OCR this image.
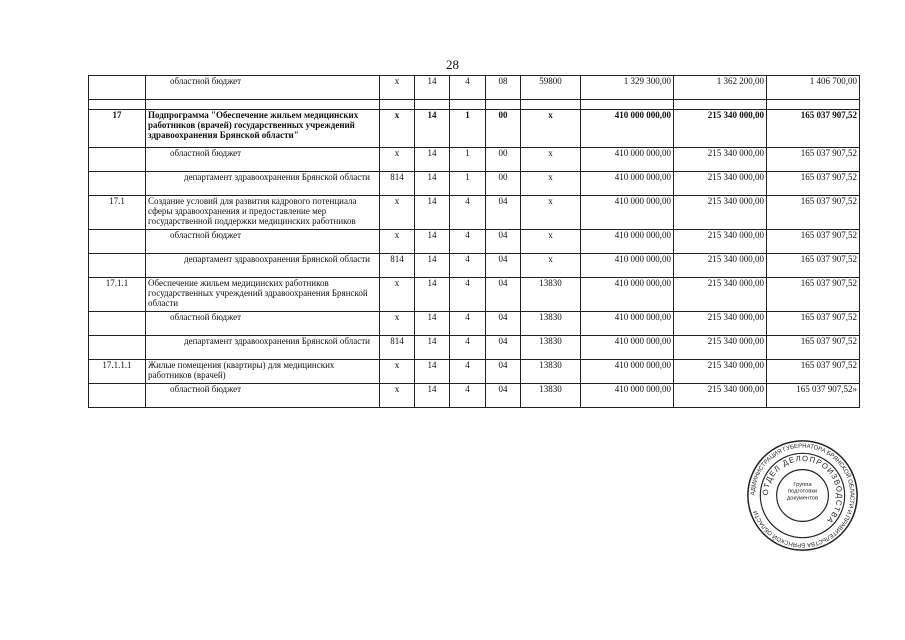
28
	областной бюджет	x	14	4	08	59800	1 329 300,00	1 362 200,00	1 406 700,00

17	Подпрограмма "Обеспечение жильем медицинских работников (врачей) государственных учреждений здравоохранения Брянской области"	x	14	1	00	x	410 000 000,00	215 340 000,00	165 037 907,52
	областной бюджет	x	14	1	00	x	410 000 000,00	215 340 000,00	165 037 907,52
	департамент здравоохранения Брянской области	814	14	1	00	x	410 000 000,00	215 340 000,00	165 037 907,52
17.1	Создание условий для развития кадрового потенциала сферы здравоохранения и предоставление мер государственной поддержки медицинских работников	x	14	4	04	x	410 000 000,00	215 340 000,00	165 037 907,52
	областной бюджет	x	14	4	04	x	410 000 000,00	215 340 000,00	165 037 907,52
	департамент здравоохранения Брянской области	814	14	4	04	x	410 000 000,00	215 340 000,00	165 037 907,52
17.1.1	Обеспечение жильем медицинских работников государственных учреждений здравоохранения Брянской области	x	14	4	04	13830	410 000 000,00	215 340 000,00	165 037 907,52
	областной бюджет	x	14	4	04	13830	410 000 000,00	215 340 000,00	165 037 907,52
	департамент здравоохранения Брянской области	814	14	4	04	13830	410 000 000,00	215 340 000,00	165 037 907,52
17.1.1.1	Жилые помещения (квартиры) для медицинских работников (врачей)	x	14	4	04	13830	410 000 000,00	215 340 000,00	165 037 907,52
	областной бюджет	x	14	4	04	13830	410 000 000,00	215 340 000,00	165 037 907,52»
АДМИНИСТРАЦИЯ ГУБЕРНАТОРА БРЯНСКОЙ ОБЛАСТИ И ПРАВИТЕЛЬСТВА БРЯНСКОЙ ОБЛАСТИ
ОТДЕЛ ДЕЛОПРОИЗВОДСТВА
Группа подготовки документов
